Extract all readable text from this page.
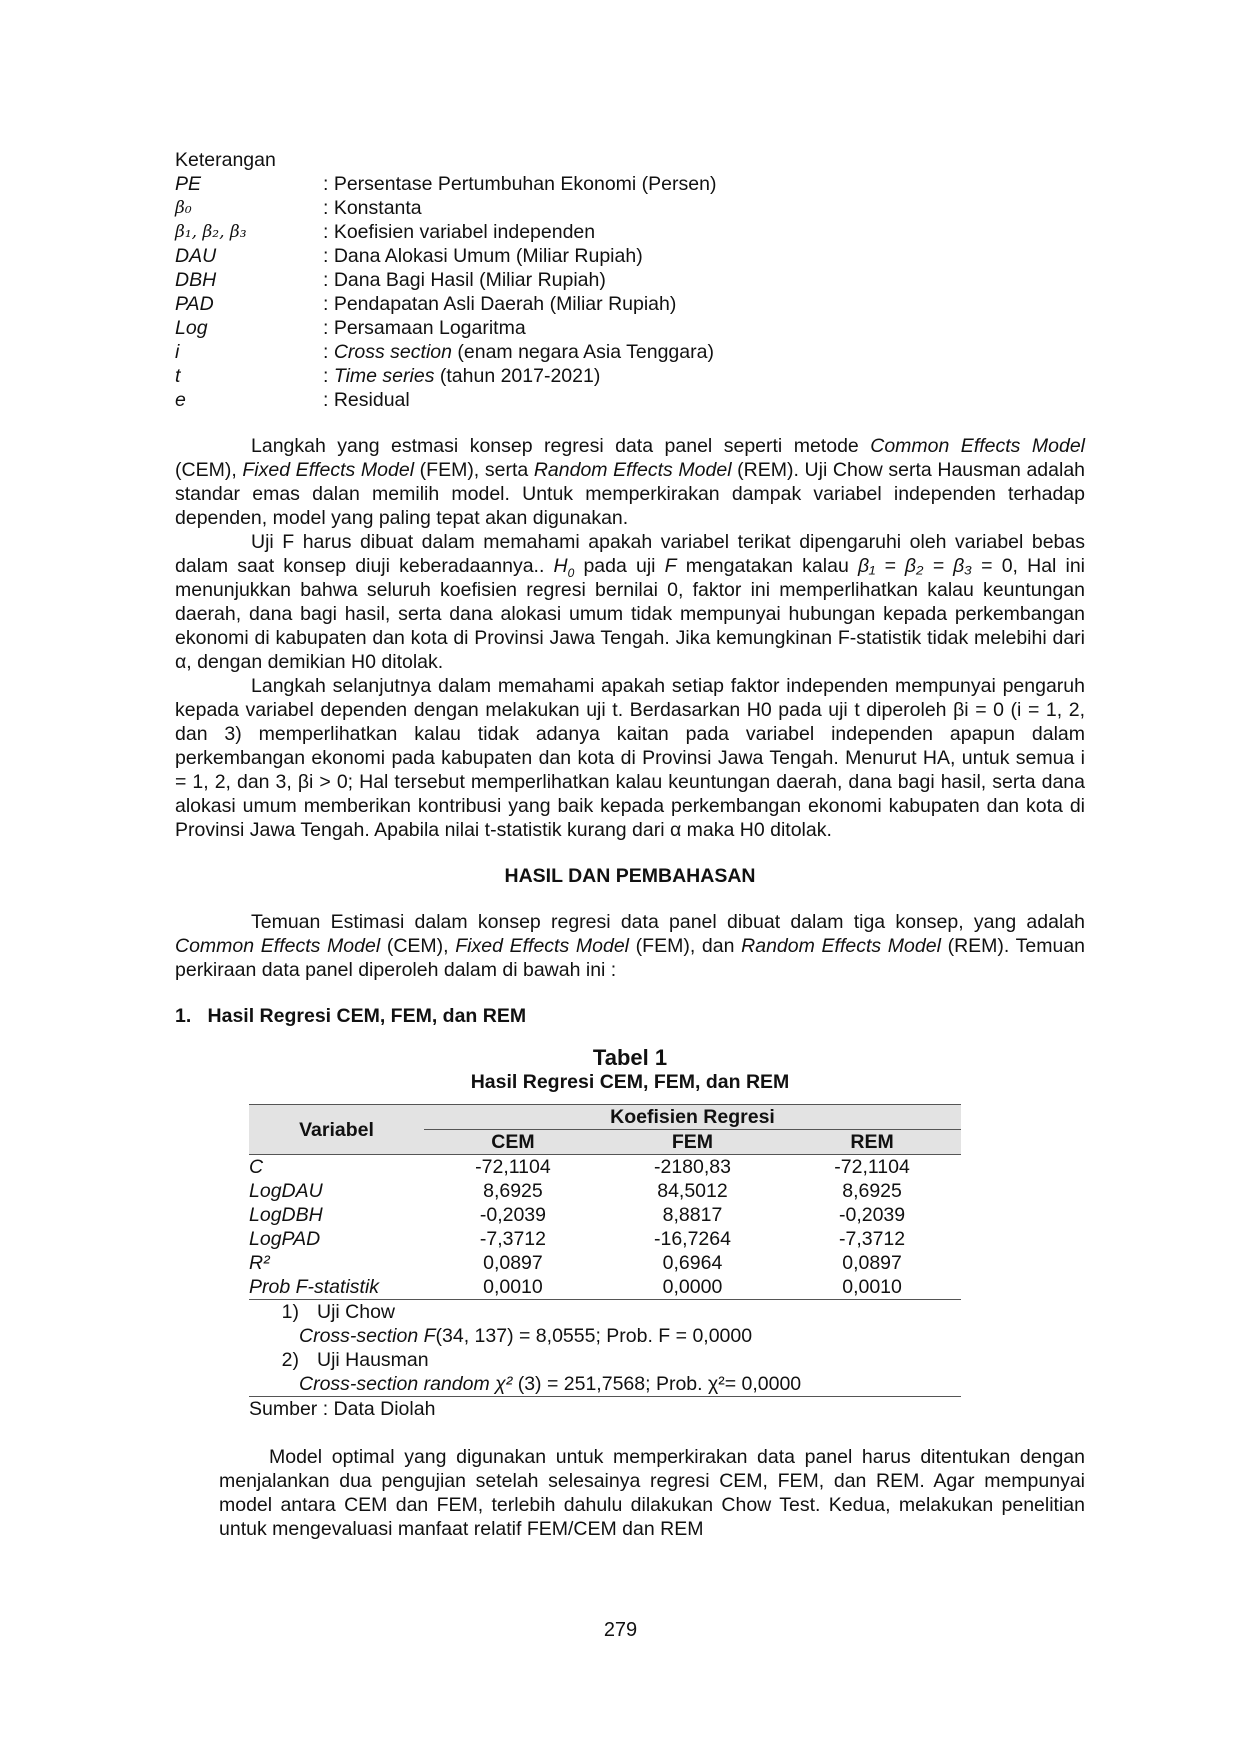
Keterangan
PE	: Persentase Pertumbuhan Ekonomi (Persen)
β₀	: Konstanta
β₁, β₂, β₃	: Koefisien variabel independen
DAU	: Dana Alokasi Umum (Miliar Rupiah)
DBH	: Dana Bagi Hasil (Miliar Rupiah)
PAD	: Pendapatan Asli Daerah (Miliar Rupiah)
Log	: Persamaan Logaritma
i	: Cross section (enam negara Asia Tenggara)
t	: Time series (tahun 2017-2021)
e	: Residual

Langkah yang estmasi konsep regresi data panel seperti metode Common Effects Model (CEM), Fixed Effects Model (FEM), serta Random Effects Model (REM). Uji Chow serta Hausman adalah standar emas dalan memilih model. Untuk memperkirakan dampak variabel independen terhadap dependen, model yang paling tepat akan digunakan.

Uji F harus dibuat dalam memahami apakah variabel terikat dipengaruhi oleh variabel bebas dalam saat konsep diuji keberadaannya.. $H_0$ pada uji F mengatakan kalau β₁ = β₂ = β₃ = 0, Hal ini menunjukkan bahwa seluruh koefisien regresi bernilai 0, faktor ini memperlihatkan kalau keuntungan daerah, dana bagi hasil, serta dana alokasi umum tidak mempunyai hubungan kepada perkembangan ekonomi di kabupaten dan kota di Provinsi Jawa Tengah. Jika kemungkinan F-statistik tidak melebihi dari α, dengan demikian H0 ditolak.

Langkah selanjutnya dalam memahami apakah setiap faktor independen mempunyai pengaruh kepada variabel dependen dengan melakukan uji t. Berdasarkan H0 pada uji t diperoleh βi = 0 (i = 1, 2, dan 3) memperlihatkan kalau tidak adanya kaitan pada variabel independen apapun dalam perkembangan ekonomi pada kabupaten dan kota di Provinsi Jawa Tengah. Menurut HA, untuk semua i = 1, 2, dan 3, βi > 0; Hal tersebut memperlihatkan kalau keuntungan daerah, dana bagi hasil, serta dana alokasi umum memberikan kontribusi yang baik kepada perkembangan ekonomi kabupaten dan kota di Provinsi Jawa Tengah. Apabila nilai t-statistik kurang dari α maka H0 ditolak.

HASIL DAN PEMBAHASAN

Temuan Estimasi dalam konsep regresi data panel dibuat dalam tiga konsep, yang adalah Common Effects Model (CEM), Fixed Effects Model (FEM), dan Random Effects Model (REM). Temuan perkiraan data panel diperoleh dalam di bawah ini :

1.   Hasil Regresi CEM, FEM, dan REM
Tabel 1
Hasil Regresi CEM, FEM, dan REM
Variabel	Koefisien Regresi		
	CEM	FEM	REM
C	-72,1104	-2180,83	-72,1104
LogDAU	8,6925	84,5012	8,6925
LogDBH	-0,2039	8,8817	-0,2039
LogPAD	-7,3712	-16,7264	-7,3712
R²	0,0897	0,6964	0,0897
Prob F-statistik	0,0010	0,0000	0,0010
1) Uji Chow
Cross-section F(34, 137) = 8,0555; Prob. F = 0,0000
2) Uji Hausman
Cross-section random χ² (3) = 251,7568; Prob. χ²= 0,0000
Sumber : Data Diolah

Model optimal yang digunakan untuk memperkirakan data panel harus ditentukan dengan menjalankan dua pengujian setelah selesainya regresi CEM, FEM, dan REM. Agar mempunyai model antara CEM dan FEM, terlebih dahulu dilakukan Chow Test. Kedua, melakukan penelitian untuk mengevaluasi manfaat relatif FEM/CEM dan REM

279
